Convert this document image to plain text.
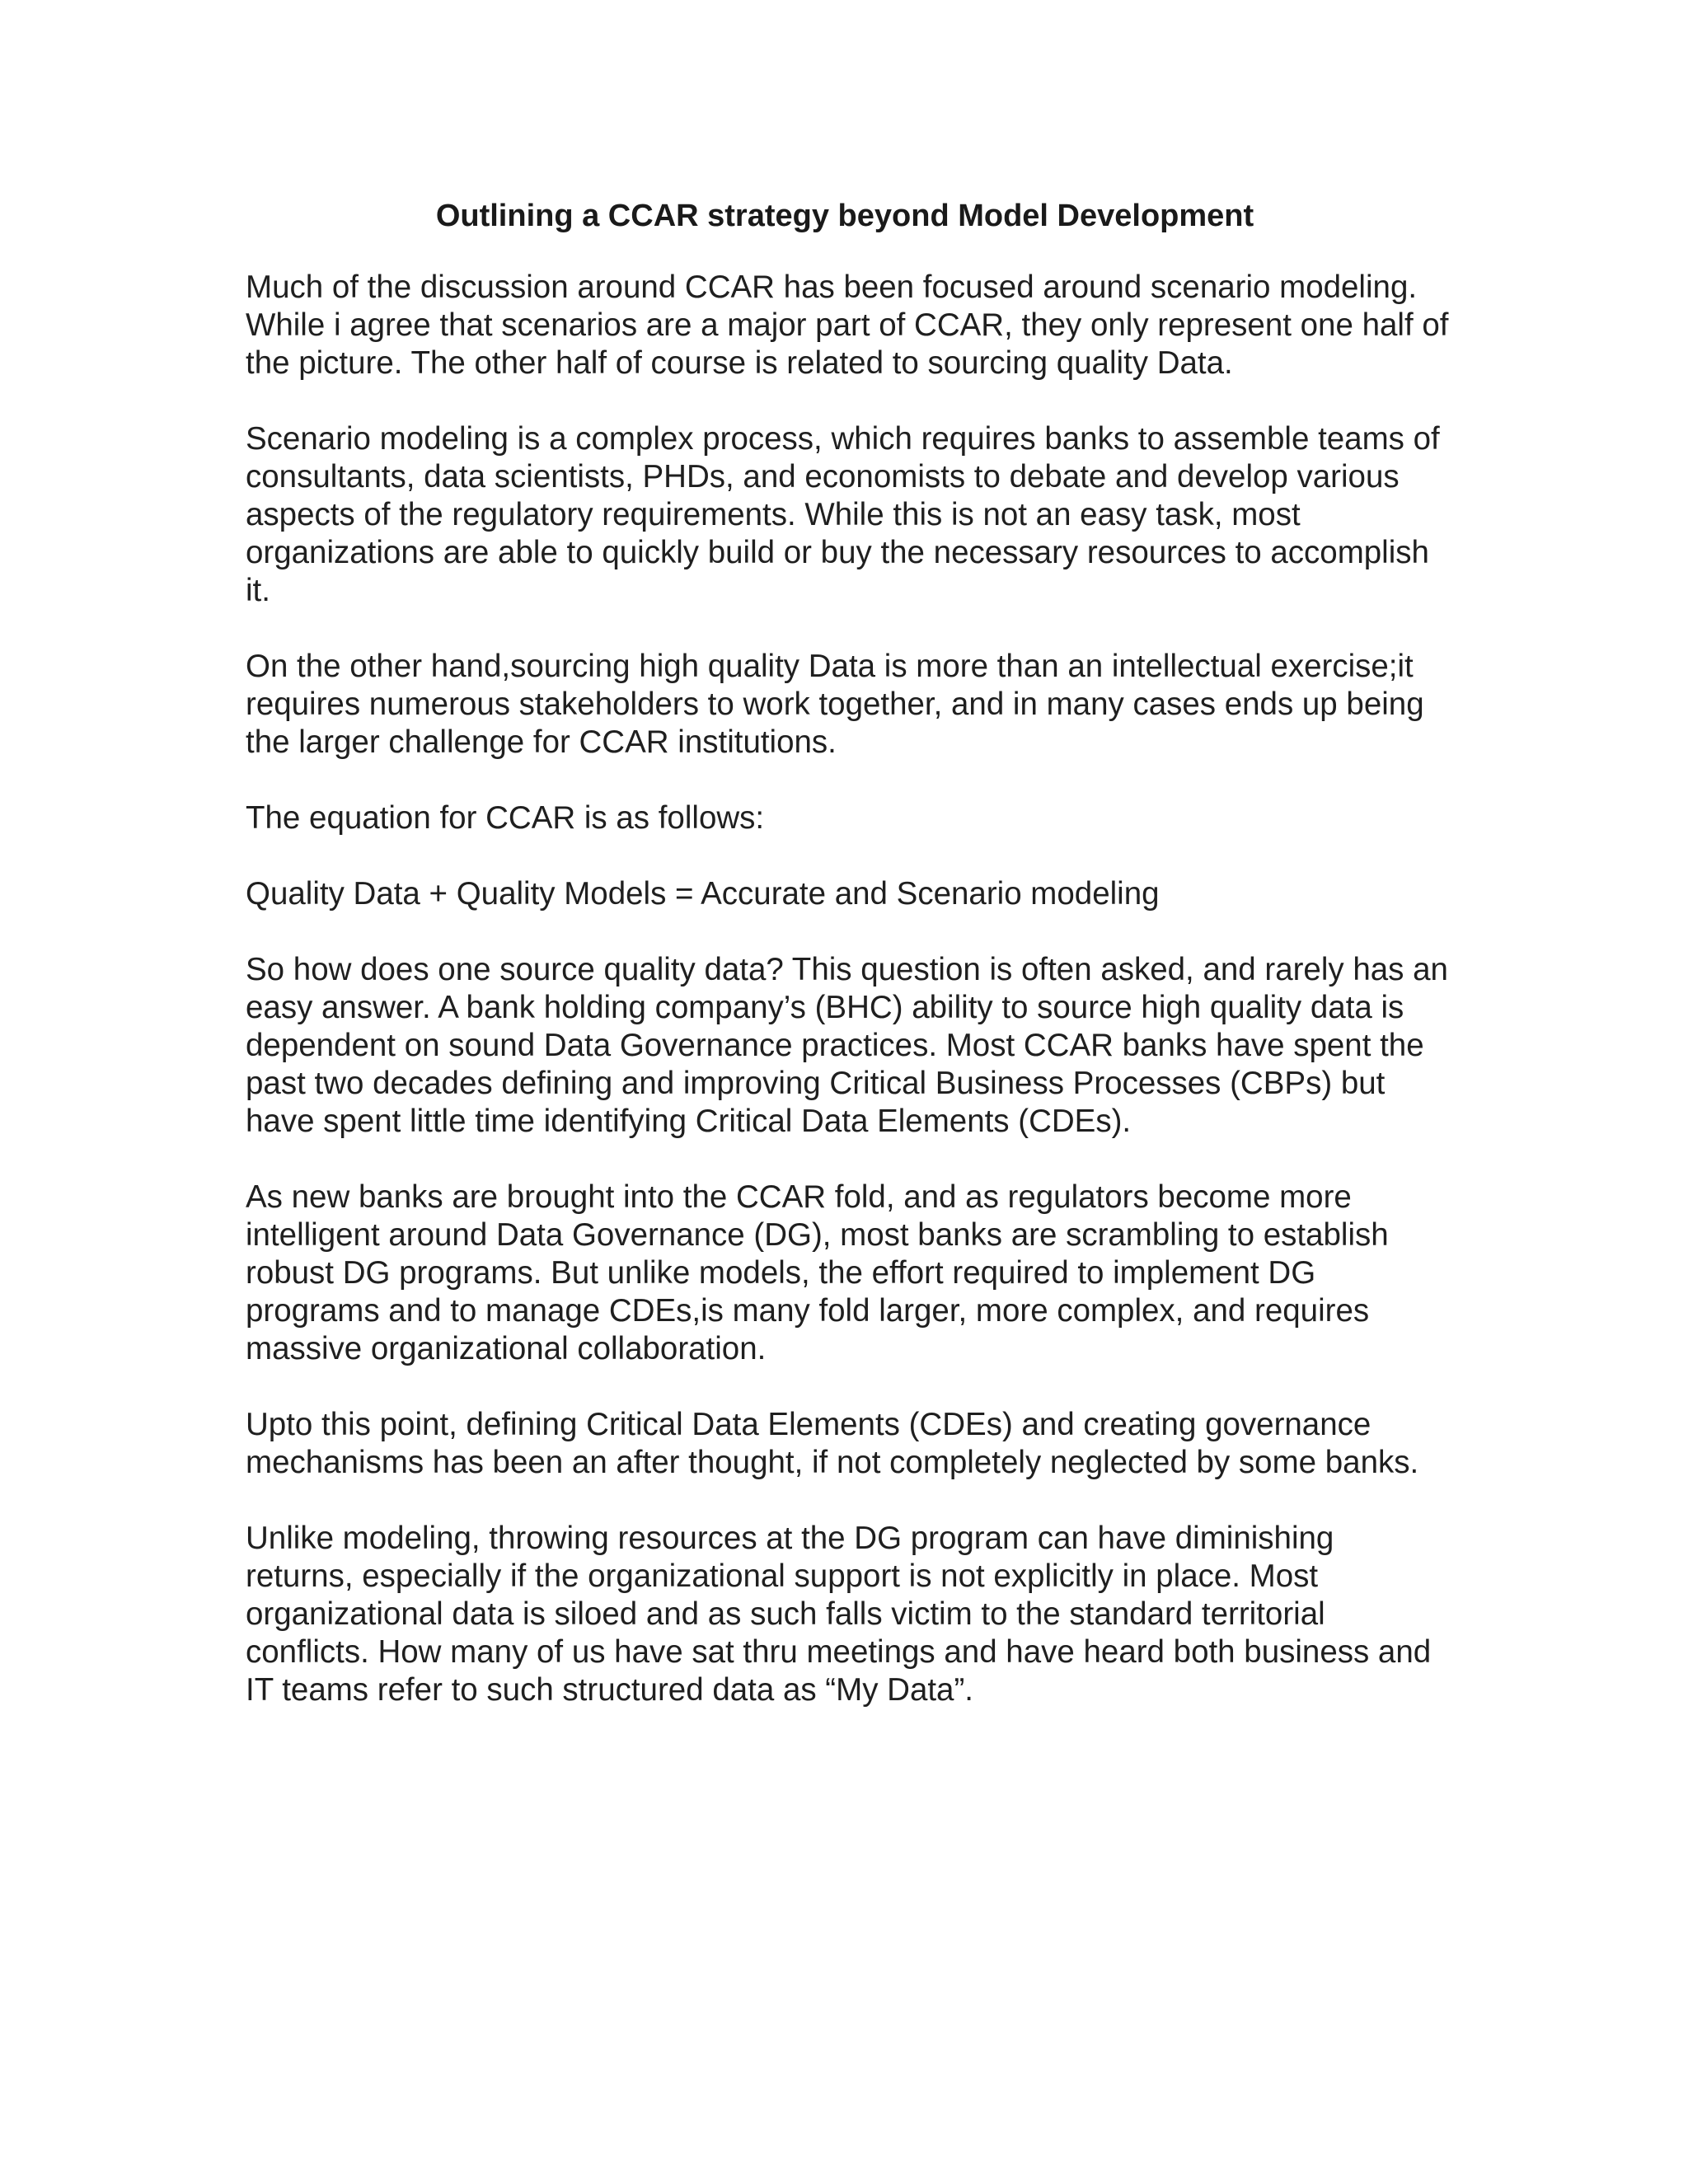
Outlining a CCAR strategy beyond Model Development

Much of the discussion around CCAR has been focused around scenario modeling. While i agree that scenarios are a major part of CCAR, they only represent one half of the picture. The other half of course is related to sourcing quality Data.

Scenario modeling is a complex process, which requires banks to assemble teams of consultants, data scientists, PHDs, and economists to debate and develop various aspects of the regulatory requirements. While this is not an easy task, most organizations are able to quickly build or buy the necessary resources to accomplish it.

On the other hand,sourcing high quality Data is more than an intellectual exercise;it requires numerous stakeholders to work together, and in many cases ends up being the larger challenge for CCAR institutions.

The equation for CCAR is as follows:

Quality Data + Quality Models = Accurate and Scenario modeling

So how does one source quality data? This question is often asked, and rarely has an easy answer. A bank holding company’s (BHC) ability to source high quality data is dependent on sound Data Governance practices. Most CCAR banks have spent the past two decades defining and improving Critical Business Processes (CBPs) but have spent little time identifying Critical Data Elements (CDEs).

As new banks are brought into the CCAR fold, and as regulators become more intelligent around Data Governance (DG), most banks are scrambling to establish robust DG programs. But unlike models, the effort required to implement DG programs and to manage CDEs,is many fold larger, more complex, and requires massive organizational collaboration.

Upto this point, defining Critical Data Elements (CDEs) and creating governance mechanisms has been an after thought, if not completely neglected by some banks.

Unlike modeling, throwing resources at the DG program can have diminishing returns, especially if the organizational support is not explicitly in place. Most organizational data is siloed and as such falls victim to the standard territorial conflicts. How many of us have sat thru meetings and have heard both business and IT teams refer to such structured data as “My Data”.
